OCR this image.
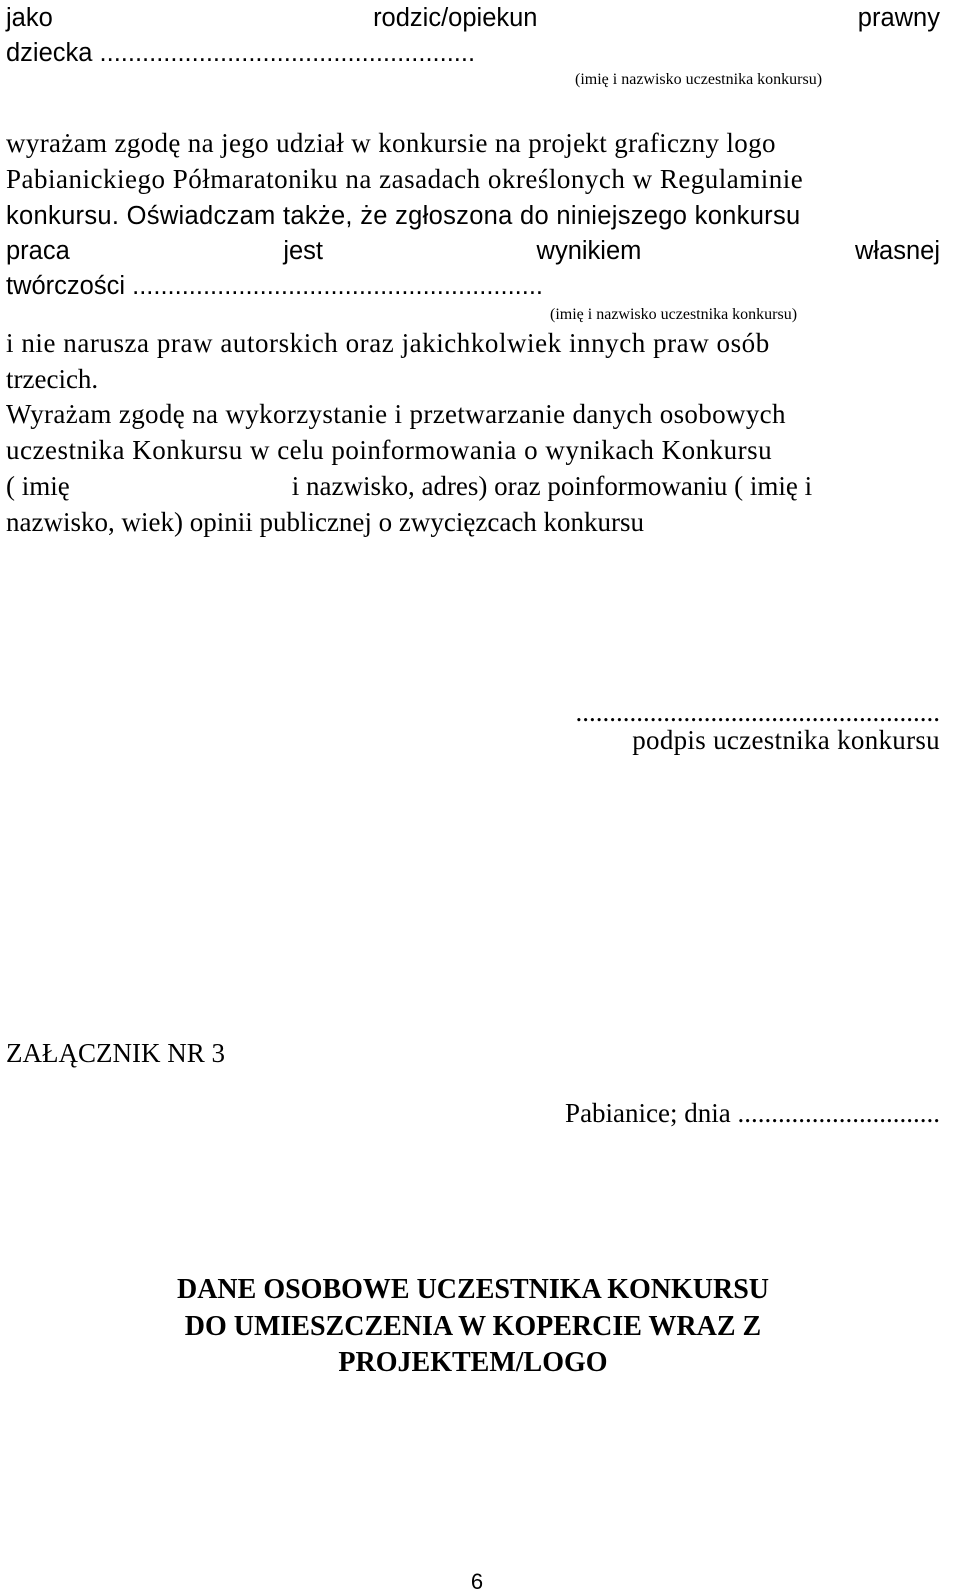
jako	rodzic/opiekun	prawny
dziecka .....................................................
(imię i nazwisko uczestnika konkursu)
wyrażam zgodę na jego udział w konkursie na projekt graficzny logo
Pabianickiego Półmaratoniku na zasadach określonych w Regulaminie
konkursu. Oświadczam także, że zgłoszona do niniejszego konkursu
praca	jest	wynikiem	własnej
twórczości ..........................................................
(imię i nazwisko uczestnika konkursu)
i nie narusza praw autorskich oraz jakichkolwiek innych praw osób
trzecich.
Wyrażam zgodę na wykorzystanie i przetwarzanie danych osobowych
uczestnika Konkursu w celu poinformowania o wynikach Konkursu
( imię	i nazwisko, adres) oraz poinformowaniu ( imię i
nazwisko, wiek) opinii publicznej o zwycięzcach konkursu
......................................................
podpis uczestnika konkursu
ZAŁĄCZNIK NR 3
Pabianice; dnia ..............................
DANE OSOBOWE UCZESTNIKA KONKURSU
DO UMIESZCZENIA W KOPERCIE WRAZ Z
PROJEKTEM/LOGO
6
